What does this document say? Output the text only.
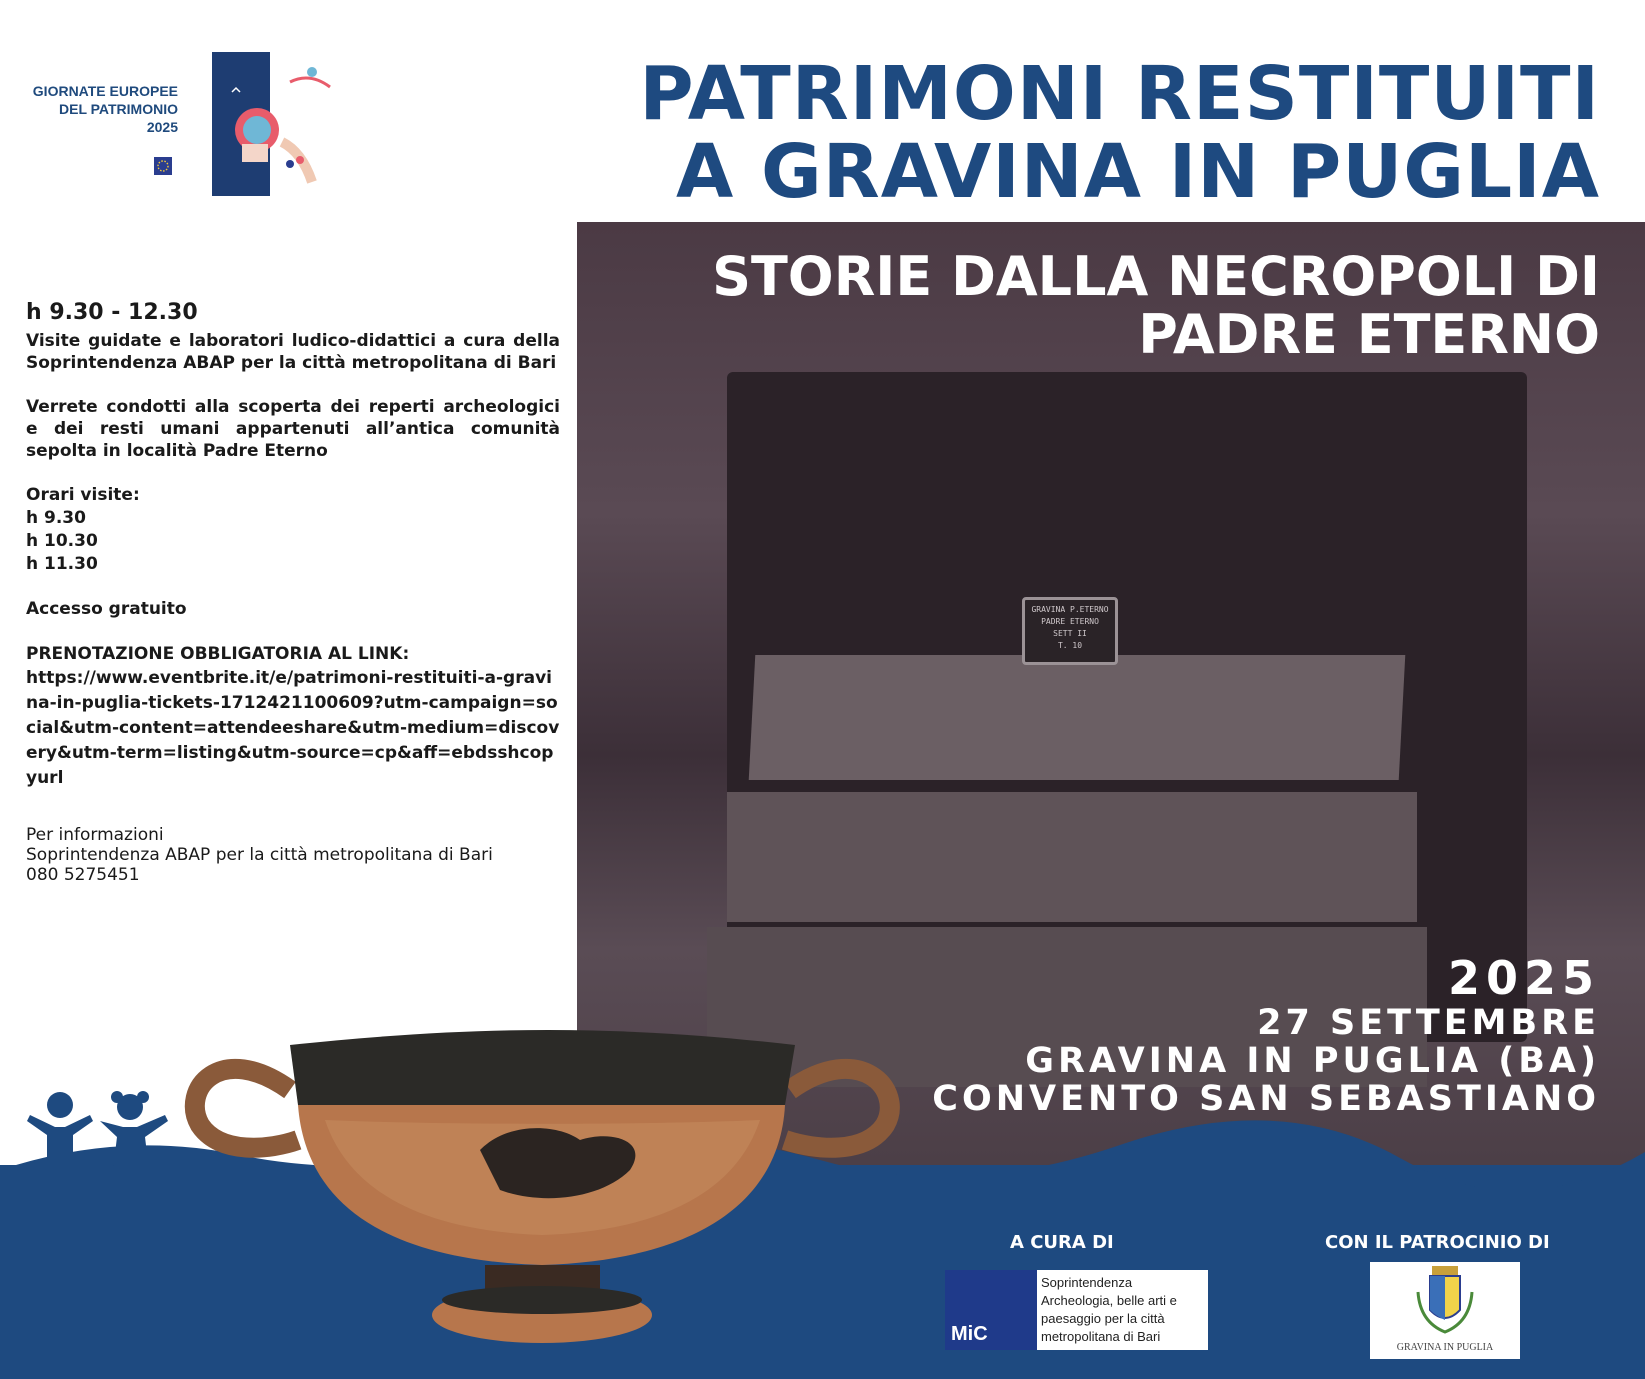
GIORNATE EUROPEE
DEL PATRIMONIO
2025	PATRIMONI RESTITUITI
A GRAVINA IN PUGLIA
GRAVINA P.ETERNO
PADRE ETERNO
SETT II
T. 10
STORIE DALLA NECROPOLI DI
PADRE ETERNO
2025
27 SETTEMBRE
GRAVINA IN PUGLIA (BA)
CONVENTO SAN SEBASTIANO
h 9.30 - 12.30

Visite guidate e laboratori ludico-didattici a cura della Soprintendenza ABAP per la città metropolitana di Bari

Verrete condotti alla scoperta dei reperti archeologici e dei resti umani appartenuti all’antica comunità sepolta in località Padre Eterno

Orari visite:
h 9.30
h 10.30
h 11.30
Accesso gratuito
PRENOTAZIONE OBBLIGATORIA AL LINK:
https://www.eventbrite.it/e/patrimoni-restituiti-a-gravina-in-puglia-tickets-1712421100609?utm-campaign=social&utm-content=attendeeshare&utm-medium=discovery&utm-term=listing&utm-source=cp&aff=ebdsshcopyurl
Per informazioni
Soprintendenza ABAP per la città metropolitana di Bari
080 5275451
A CURA DI	CON IL PATROCINIO DI
MiC
Soprintendenza Archeologia, belle arti e paesaggio per la città metropolitana di Bari
GRAVINA IN PUGLIA
